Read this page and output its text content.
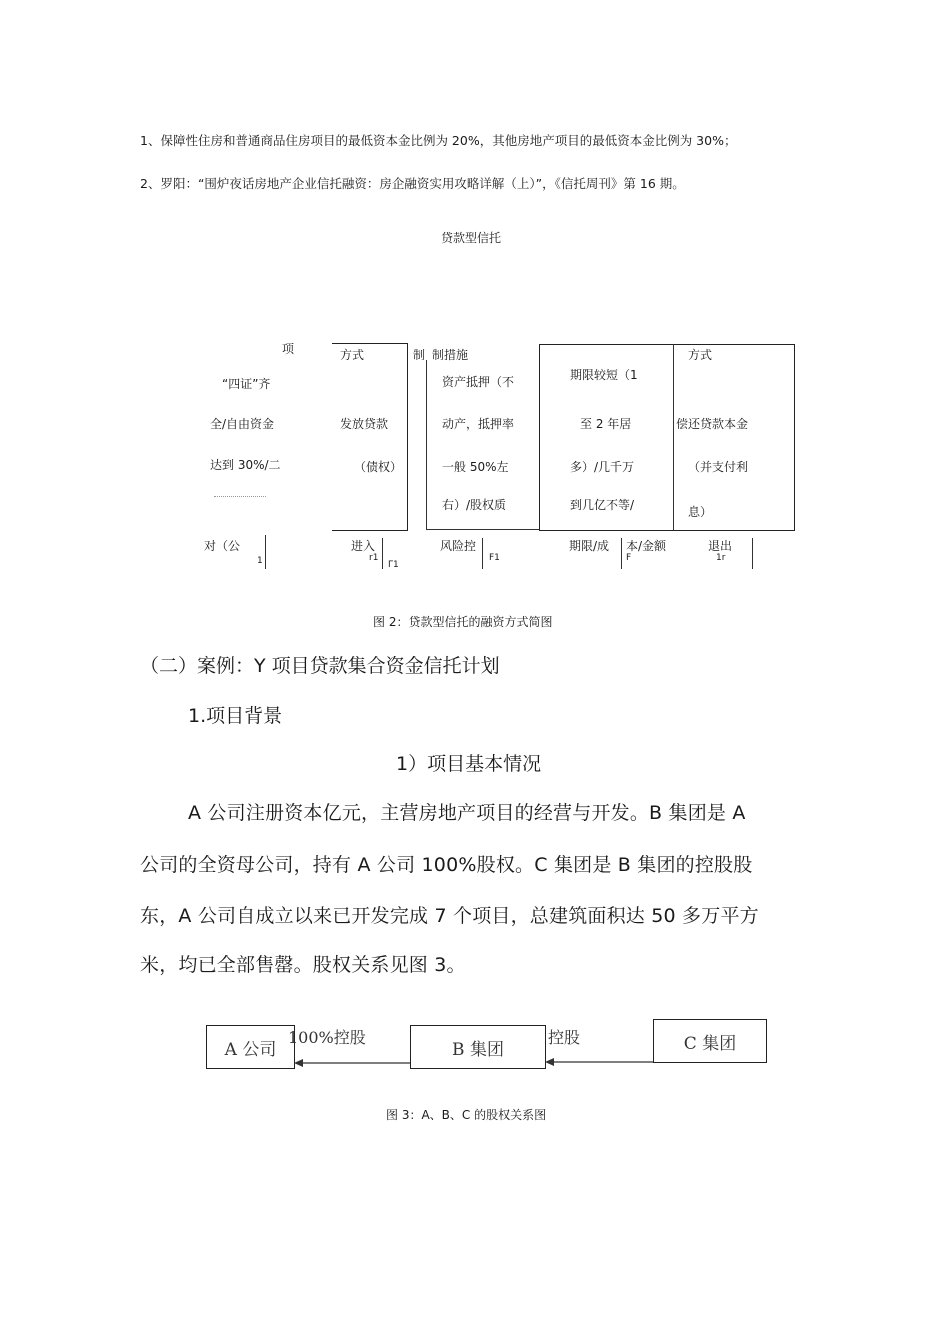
1、保障性住房和普通商品住房项目的最低资本金比例为 20%，其他房地产项目的最低资本金比例为 30%；
2、罗阳：“围炉夜话房地产企业信托融资：房企融资实用攻略详解（上）”，《信托周刊》第 16 期。
贷款型信托
项
“四证”齐
全/自由资金
达到 30%/二
对（公
1
方式
发放贷款
（债权）
进入
r1
Γ1
制 制措施
资产抵押（不
动产，抵押率
一般 50%左
右）/股权质
风险控
F1
期限较短（1
至 2 年居
多）/几千万
到几亿不等/
期限/成 本/金额
F
方式
偿还贷款本金
（并支付利
息）
退出
1r
图 2：贷款型信托的融资方式简图
（二）案例：Y 项目贷款集合资金信托计划
1.项目背景
1）项目基本情况
A 公司注册资本亿元，主营房地产项目的经营与开发。B 集团是 A
公司的全资母公司，持有 A 公司 100%股权。C 集团是 B 集团的控股股
东，A 公司自成立以来已开发完成 7 个项目，总建筑面积达 50 多万平方
米，均已全部售罄。股权关系见图 3。
A 公司	B 集团	C 集团
100%控股	控股
图 3：A、B、C 的股权关系图
